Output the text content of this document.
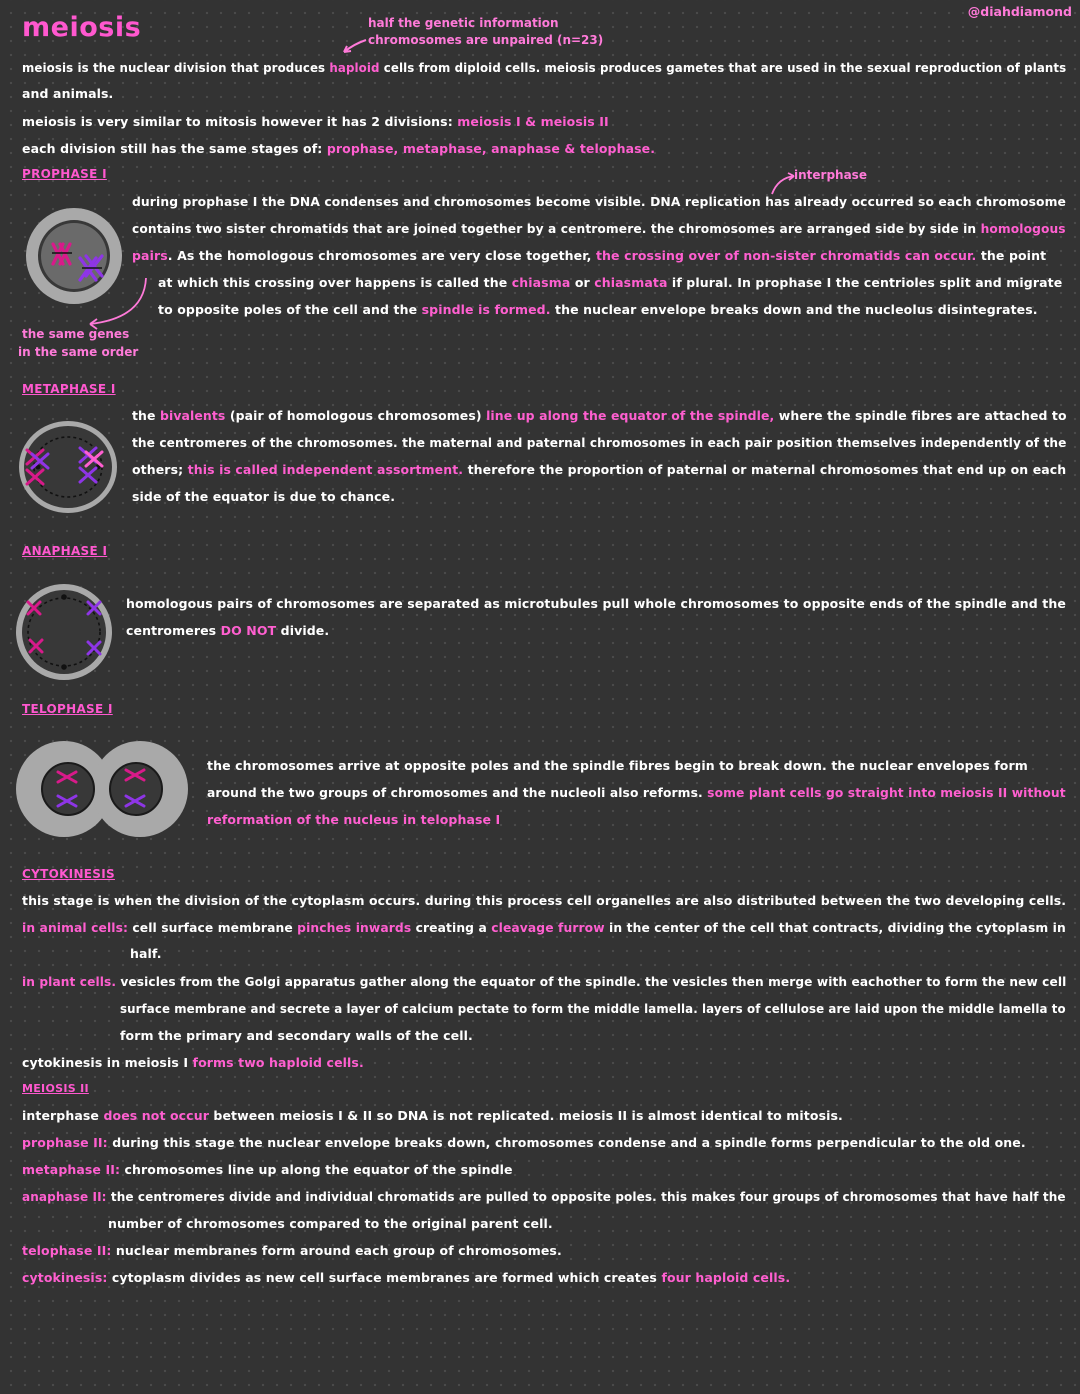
meiosis
@diahdiamond
half the genetic information
chromosomes are unpaired (n=23)
meiosis is the nuclear division that produces haploid cells from diploid cells. meiosis produces gametes that are used in the sexual reproduction of plants
and animals.
meiosis is very similar to mitosis however it has 2 divisions: meiosis I & meiosis II
each division still has the same stages of: prophase, metaphase, anaphase & telophase.
PROPHASE I	interphase
during prophase I the DNA condenses and chromosomes become visible. DNA replication has already occurred so each chromosome
contains two sister chromatids that are joined together by a centromere. the chromosomes are arranged side by side in homologous
pairs. As the homologous chromosomes are very close together, the crossing over of non-sister chromatids can occur. the point
at which this crossing over happens is called the chiasma or chiasmata if plural. In prophase I the centrioles split and migrate
to opposite poles of the cell and the spindle is formed. the nuclear envelope breaks down and the nucleolus disintegrates.
the same genes
in the same order
METAPHASE I
the bivalents (pair of homologous chromosomes) line up along the equator of the spindle, where the spindle fibres are attached to
the centromeres of the chromosomes. the maternal and paternal chromosomes in each pair position themselves independently of the
others; this is called independent assortment. therefore the proportion of paternal or maternal chromosomes that end up on each
side of the equator is due to chance.
ANAPHASE I
homologous pairs of chromosomes are separated as microtubules pull whole chromosomes to opposite ends of the spindle and the
centromeres DO NOT divide.
TELOPHASE I
the chromosomes arrive at opposite poles and the spindle fibres begin to break down. the nuclear envelopes form
around the two groups of chromosomes and the nucleoli also reforms. some plant cells go straight into meiosis II without
reformation of the nucleus in telophase I
CYTOKINESIS
this stage is when the division of the cytoplasm occurs. during this process cell organelles are also distributed between the two developing cells.
in animal cells: cell surface membrane pinches inwards creating a cleavage furrow in the center of the cell that contracts, dividing the cytoplasm in
half.
in plant cells. vesicles from the Golgi apparatus gather along the equator of the spindle. the vesicles then merge with eachother to form the new cell
surface membrane and secrete a layer of calcium pectate to form the middle lamella. layers of cellulose are laid upon the middle lamella to
form the primary and secondary walls of the cell.
cytokinesis in meiosis I forms two haploid cells.
MEIOSIS II
interphase does not occur between meiosis I & II so DNA is not replicated. meiosis II is almost identical to mitosis.
prophase II: during this stage the nuclear envelope breaks down, chromosomes condense and a spindle forms perpendicular to the old one.
metaphase II: chromosomes line up along the equator of the spindle
anaphase II: the centromeres divide and individual chromatids are pulled to opposite poles. this makes four groups of chromosomes that have half the
number of chromosomes compared to the original parent cell.
telophase II: nuclear membranes form around each group of chromosomes.
cytokinesis: cytoplasm divides as new cell surface membranes are formed which creates four haploid cells.
